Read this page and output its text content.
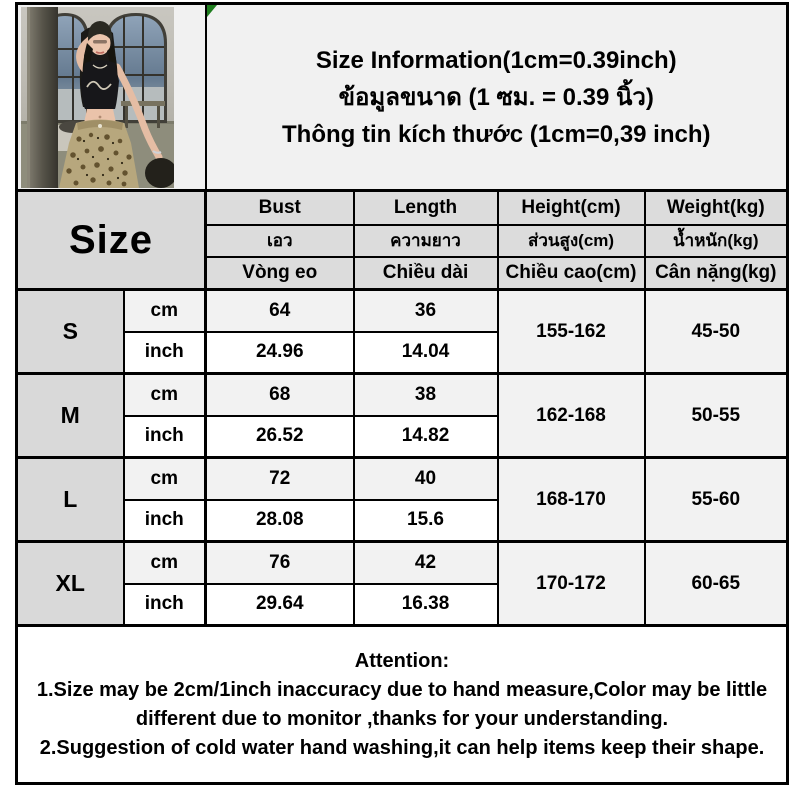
Size Information(1cm=0.39inch)
ข้อมูลขนาด (1 ซม. = 0.39 นิ้ว)
Thông tin kích thước (1cm=0,39 inch)			

Size		Bust	Length	Height(cm)	Weight(kg)
		เอว	ความยาว	ส่วนสูง(cm)	น้ำหนัก(kg)
		Vòng eo	Chiều dài	Chiều cao(cm)	Cân nặng(kg)
S	cm	64	36	155-162	45-50
	inch	24.96	14.04		
M	cm	68	38	162-168	50-55
	inch	26.52	14.82		
L	cm	72	40	168-170	55-60
	inch	28.08	15.6		
XL	cm	76	42	170-172	60-65
	inch	29.64	16.38		

Attention:
1.Size may be 2cm/1inch inaccuracy due to hand measure,Color may be little different due to monitor ,thanks for your understanding.
2.Suggestion of cold water hand washing,it can help items keep their shape.					
